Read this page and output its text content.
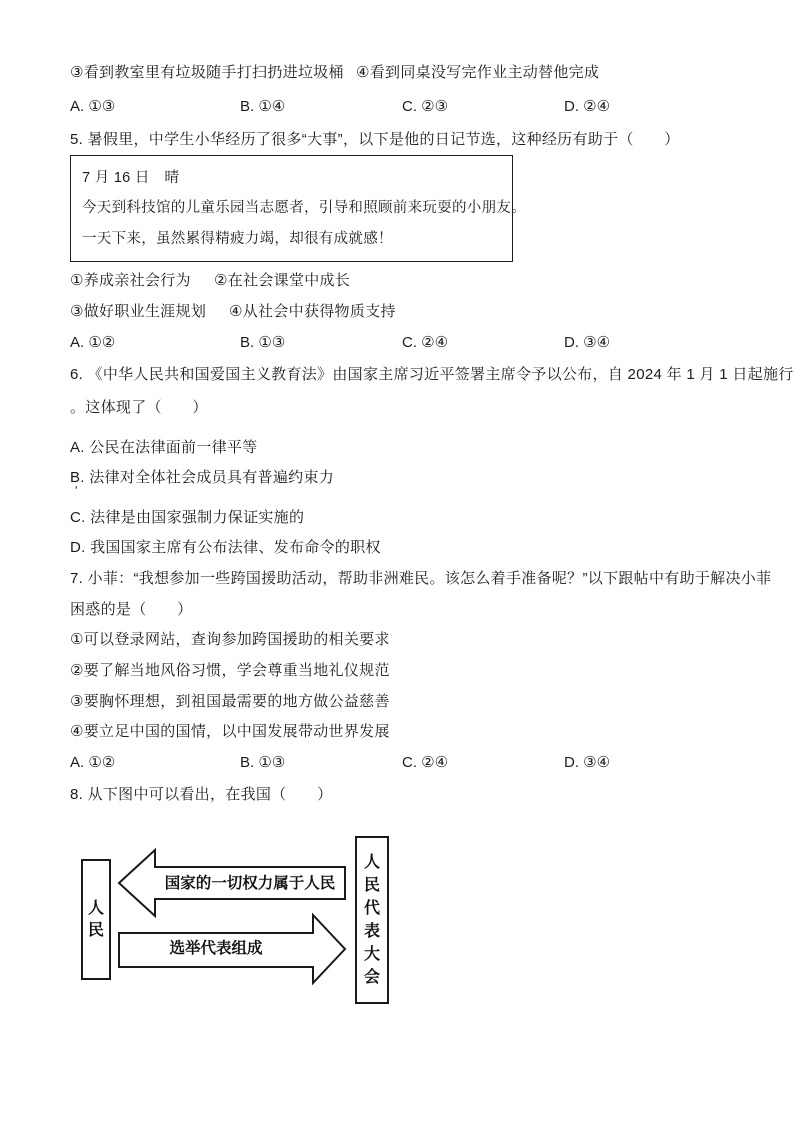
③看到教室里有垃圾随手打扫扔进垃圾桶 ④看到同桌没写完作业主动替他完成
A. ①③	B. ①④	C. ②③	D. ②④
5. 暑假里，中学生小华经历了很多“大事”，以下是他的日记节选，这种经历有助于（　　）
7 月 16 日　晴
今天到科技馆的儿童乐园当志愿者，引导和照顾前来玩耍的小朋友。
一天下来，虽然累得精疲力竭，却很有成就感！
①养成亲社会行为 ②在社会课堂中成长
③做好职业生涯规划 ④从社会中获得物质支持
A. ①②	B. ①③	C. ②④	D. ③④
6. 《中华人民共和国爱国主义教育法》由国家主席习近平签署主席令予以公布，自 2024 年 1 月 1 日起施行
。这体现了（　　）
A. 公民在法律面前一律平等
B. 法律对全体社会成员具有普遍约束力
'
C. 法律是由国家强制力保证实施的
D. 我国国家主席有公布法律、发布命令的职权
7. 小菲：“我想参加一些跨国援助活动，帮助非洲难民。该怎么着手准备呢？”以下跟帖中有助于解决小菲
困惑的是（　　）
①可以登录网站，查询参加跨国援助的相关要求
②要了解当地风俗习惯，学会尊重当地礼仪规范
③要胸怀理想，到祖国最需要的地方做公益慈善
④要立足中国的国情，以中国发展带动世界发展
A. ①②	B. ①③	C. ②④	D. ③④
8. 从下图中可以看出，在我国（　　）
人民
人民代表大会
国家的一切权力属于人民
选举代表组成
